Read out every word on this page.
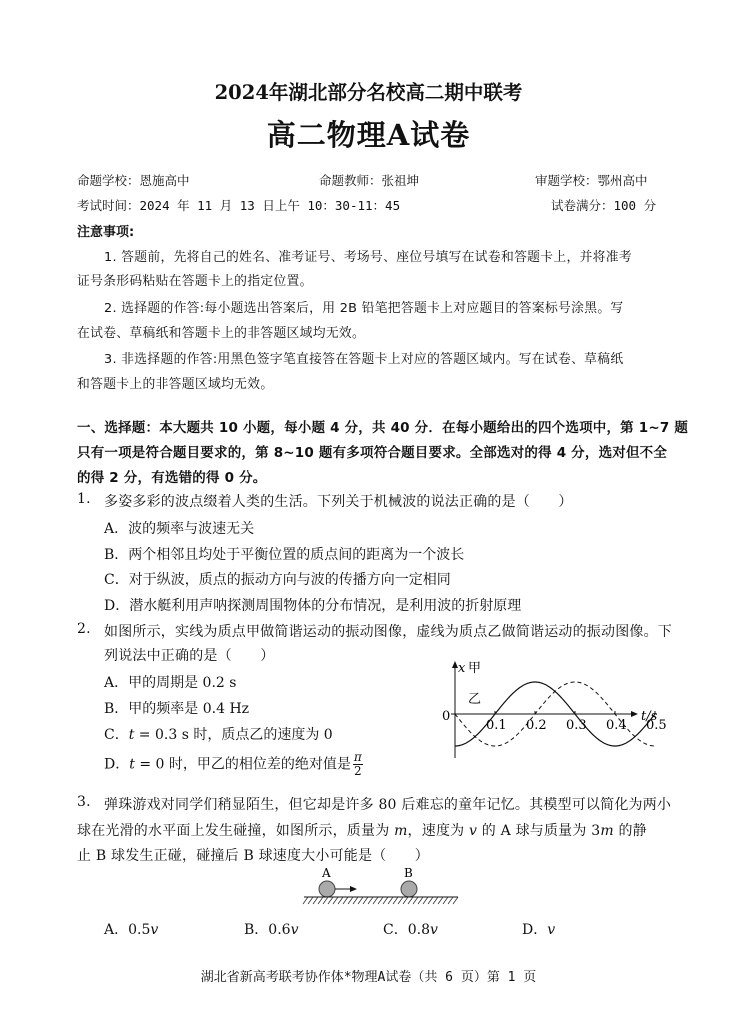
2024年湖北部分名校高二期中联考
高二物理A试卷
命题学校：恩施高中	命题教师：张祖坤	审题学校：鄂州高中
考试时间：2024 年 11 月 13 日上午 10：30-11：45	试卷满分：100 分
注意事项:
1. 答题前，先将自己的姓名、准考证号、考场号、座位号填写在试卷和答题卡上，并将准考
证号条形码粘贴在答题卡上的指定位置。
2. 选择题的作答:每小题选出答案后，用 2B 铅笔把答题卡上对应题目的答案标号涂黑。写
在试卷、草稿纸和答题卡上的非答题区域均无效。
3. 非选择题的作答:用黑色签字笔直接答在答题卡上对应的答题区域内。写在试卷、草稿纸
和答题卡上的非答题区域均无效。
一、选择题：本大题共 10 小题，每小题 4 分，共 40 分．在每小题给出的四个选项中，第 1~7 题
只有一项是符合题目要求的，第 8~10 题有多项符合题目要求。全部选对的得 4 分，选对但不全
的得 2 分，有选错的得 0 分。
1. 多姿多彩的波点缀着人类的生活。下列关于机械波的说法正确的是（　　）
A．波的频率与波速无关
B．两个相邻且均处于平衡位置的质点间的距离为一个波长
C．对于纵波，质点的振动方向与波的传播方向一定相同
D．潜水艇利用声呐探测周围物体的分布情况，是利用波的折射原理
2. 如图所示，实线为质点甲做简谐运动的振动图像，虚线为质点乙做简谐运动的振动图像。下
列说法中正确的是（　　）
A．甲的周期是 0.2 s
B．甲的频率是 0.4 Hz
C．t = 0.3 s 时，质点乙的速度为 0
D．t = 0 时，甲乙的相位差的绝对值是 $\frac{\pi}{2}$
x 甲
乙
0	t/s
0.1 0.2 0.3 0.4 0.5
3. 弹珠游戏对同学们稍显陌生，但它却是许多 80 后难忘的童年记忆。其模型可以简化为两小
球在光滑的水平面上发生碰撞，如图所示，质量为 m，速度为 v 的 A 球与质量为 3m 的静
止 B 球发生正碰，碰撞后 B 球速度大小可能是（　　）
A	B
A．0.5v	B．0.6v	C．0.8v	D．v
湖北省新高考联考协作体*物理A试卷（共 6 页）第 1 页
